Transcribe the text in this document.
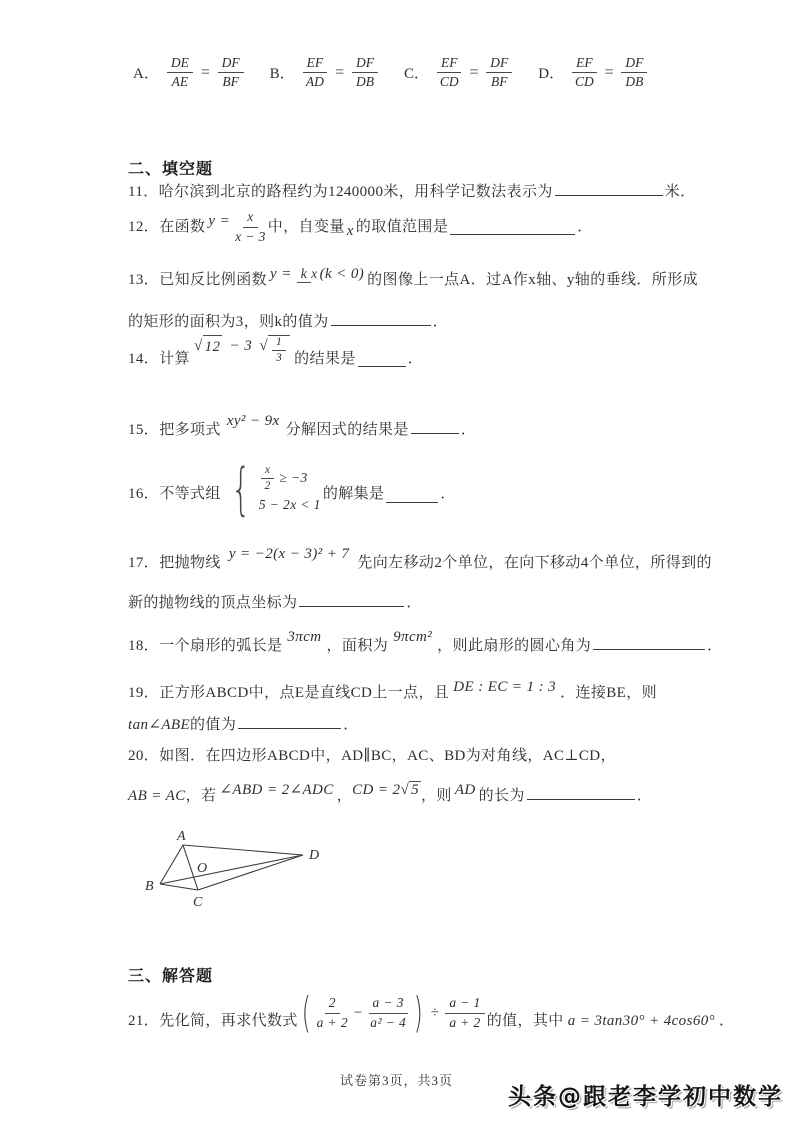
A． $\frac{DE}{AE} = \frac{DF}{BF}$ B． $\frac{EF}{AD} = \frac{DF}{DB}$ C． $\frac{EF}{CD} = \frac{DF}{BF}$ D． $\frac{EF}{CD} = \frac{DF}{DB}$
二、填空题
11．哈尔滨到北京的路程约为1240000米，用科学记数法表示为	米．
12．在函数 $y = \frac{x}{x - 3}$ 中，自变量 x 的取值范围是	．
13．已知反比例函数 y = k x (k < 0) 的图像上一点A．过A作x轴、y轴的垂线．所形成
的矩形的面积为3，则k的值为	．
14．计算
√ 12 − 3 √ $\frac{1}{3}$ 的结果是	．
15．把多项式
xy² − 9x
分解因式的结果是	．
16．不等式组 { $\frac{x}{2} \ge -3$
5 − 2x < 1
的解集是	．
17．把抛物线
y = −2(x − 3)² + 7
先向左移动2个单位，在向下移动4个单位，所得到的
新的抛物线的顶点坐标为	．
18．一个扇形的弧长是
3πcm
，面积为
9πcm²
，则此扇形的圆心角为	．
19．正方形ABCD中，点E是直线CD上一点，且 DE : EC = 1 : 3 ．连接BE，则
tan∠ABE 的值为	．
20．如图．在四边形ABCD中，AD∥BC，AC、BD为对角线，AC⊥CD，
AB = AC ，若 ∠ABD = 2∠ADC ， CD = 2 √ 5 ，则 AD 的长为	．
A
B
C
D
O
三、解答题
21．先化简，再求代数式 ( $\frac{2}{a + 2} - \frac{a - 3}{\text{a² − 4}}$ ) ÷ $\frac{a - 1}{a + 2}$ 的值，其中 a = 3tan30° + 4cos60° ．
试卷第3页，共3页
头条@跟老李学初中数学
